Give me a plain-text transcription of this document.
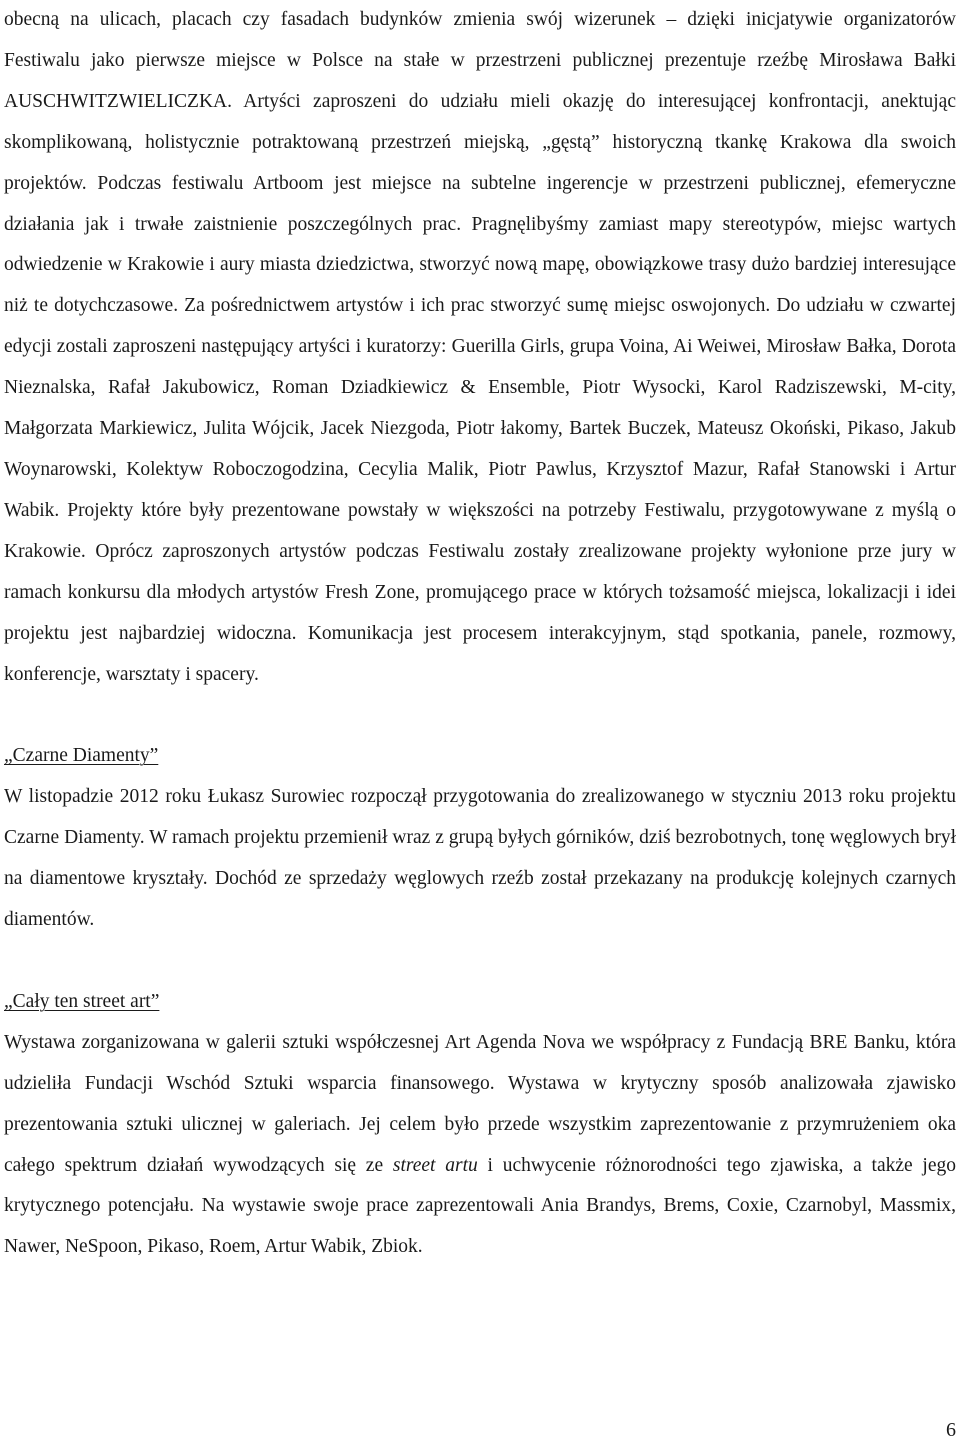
obecną na ulicach, placach czy fasadach budynków zmienia swój wizerunek – dzięki inicjatywie organizatorów Festiwalu jako pierwsze miejsce w Polsce na stałe w przestrzeni publicznej prezentuje rzeźbę Mirosława Bałki AUSCHWITZWIELICZKA. Artyści zaproszeni do udziału mieli okazję do interesującej konfrontacji, anektując skomplikowaną, holistycznie potraktowaną przestrzeń miejską, „gęstą” historyczną tkankę Krakowa dla swoich projektów. Podczas festiwalu Artboom jest miejsce na subtelne ingerencje w przestrzeni publicznej, efemeryczne działania jak i trwałe zaistnienie poszczególnych prac. Pragnęlibyśmy zamiast mapy stereotypów, miejsc wartych odwiedzenie w Krakowie i aury miasta dziedzictwa, stworzyć nową mapę, obowiązkowe trasy dużo bardziej interesujące niż te dotychczasowe. Za pośrednictwem artystów i ich prac stworzyć sumę miejsc oswojonych. Do udziału w czwartej edycji zostali zaproszeni następujący artyści i kuratorzy: Guerilla Girls, grupa Voina, Ai Weiwei, Mirosław Bałka, Dorota Nieznalska, Rafał Jakubowicz, Roman Dziadkiewicz & Ensemble, Piotr Wysocki, Karol Radziszewski, M-city, Małgorzata Markiewicz, Julita Wójcik, Jacek Niezgoda, Piotr łakomy, Bartek Buczek, Mateusz Okoński, Pikaso, Jakub Woynarowski, Kolektyw Roboczogodzina, Cecylia Malik, Piotr Pawlus, Krzysztof Mazur, Rafał Stanowski i Artur Wabik. Projekty które były prezentowane powstały w większości na potrzeby Festiwalu, przygotowywane z myślą o Krakowie. Oprócz zaproszonych artystów podczas Festiwalu zostały zrealizowane projekty wyłonione prze jury w ramach konkursu dla młodych artystów Fresh Zone, promującego prace w których tożsamość miejsca, lokalizacji i idei projektu jest najbardziej widoczna. Komunikacja jest procesem interakcyjnym, stąd spotkania, panele, rozmowy, konferencje, warsztaty i spacery.

„Czarne Diamenty”

W listopadzie 2012 roku Łukasz Surowiec rozpoczął przygotowania do zrealizowanego w styczniu 2013 roku projektu Czarne Diamenty. W ramach projektu przemienił wraz z grupą byłych górników, dziś bezrobotnych, tonę węglowych brył na diamentowe kryształy. Dochód ze sprzedaży węglowych rzeźb został przekazany na produkcję kolejnych czarnych diamentów.

„Cały ten street art”

Wystawa zorganizowana w galerii sztuki współczesnej Art Agenda Nova we współpracy z Fundacją BRE Banku, która udzieliła Fundacji Wschód Sztuki wsparcia finansowego. Wystawa w krytyczny sposób analizowała zjawisko prezentowania sztuki ulicznej w galeriach. Jej celem było przede wszystkim zaprezentowanie z przymrużeniem oka całego spektrum działań wywodzących się ze street artu i uchwycenie różnorodności tego zjawiska, a także jego krytycznego potencjału. Na wystawie swoje prace zaprezentowali Ania Brandys, Brems, Coxie, Czarnobyl, Massmix, Nawer, NeSpoon, Pikaso, Roem, Artur Wabik, Zbiok.

6
